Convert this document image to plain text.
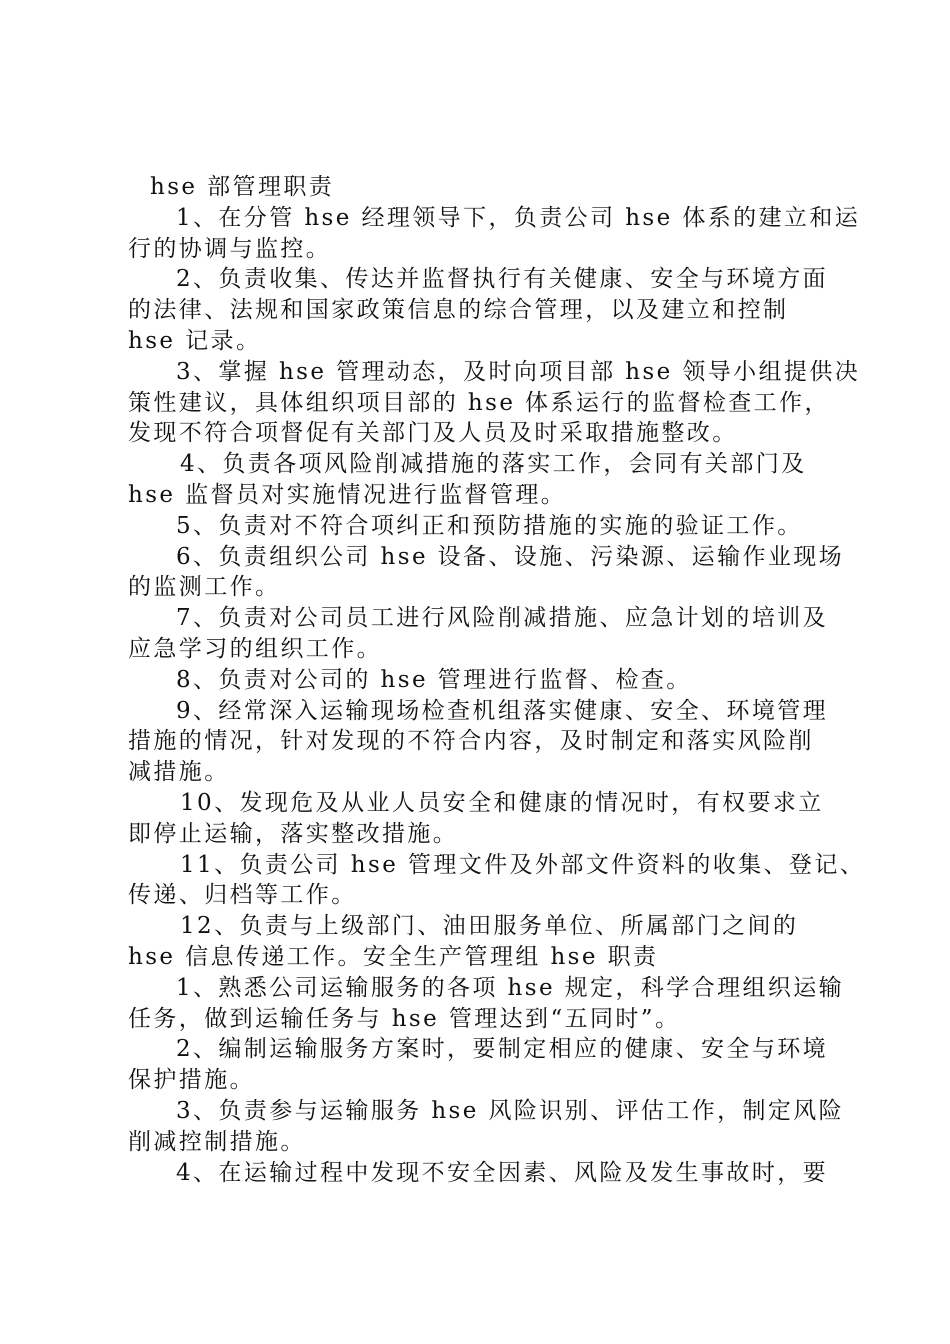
hse 部管理职责
1、在分管 hse 经理领导下，负责公司 hse 体系的建立和运
行的协调与监控。
2、负责收集、传达并监督执行有关健康、安全与环境方面
的法律、法规和国家政策信息的综合管理，以及建立和控制
hse 记录。
3、掌握 hse 管理动态，及时向项目部 hse 领导小组提供决
策性建议，具体组织项目部的 hse 体系运行的监督检查工作，
发现不符合项督促有关部门及人员及时采取措施整改。
4、负责各项风险削减措施的落实工作，会同有关部门及
hse 监督员对实施情况进行监督管理。
5、负责对不符合项纠正和预防措施的实施的验证工作。
6、负责组织公司 hse 设备、设施、污染源、运输作业现场
的监测工作。
7、负责对公司员工进行风险削减措施、应急计划的培训及
应急学习的组织工作。
8、负责对公司的 hse 管理进行监督、检查。
9、经常深入运输现场检查机组落实健康、安全、环境管理
措施的情况，针对发现的不符合内容，及时制定和落实风险削
减措施。
10、发现危及从业人员安全和健康的情况时，有权要求立
即停止运输，落实整改措施。
11、负责公司 hse 管理文件及外部文件资料的收集、登记、
传递、归档等工作。
12、负责与上级部门、油田服务单位、所属部门之间的
hse 信息传递工作。安全生产管理组 hse 职责
1、熟悉公司运输服务的各项 hse 规定，科学合理组织运输
任务，做到运输任务与 hse 管理达到“五同时”。
2、编制运输服务方案时，要制定相应的健康、安全与环境
保护措施。
3、负责参与运输服务 hse 风险识别、评估工作，制定风险
削减控制措施。
4、在运输过程中发现不安全因素、风险及发生事故时，要
